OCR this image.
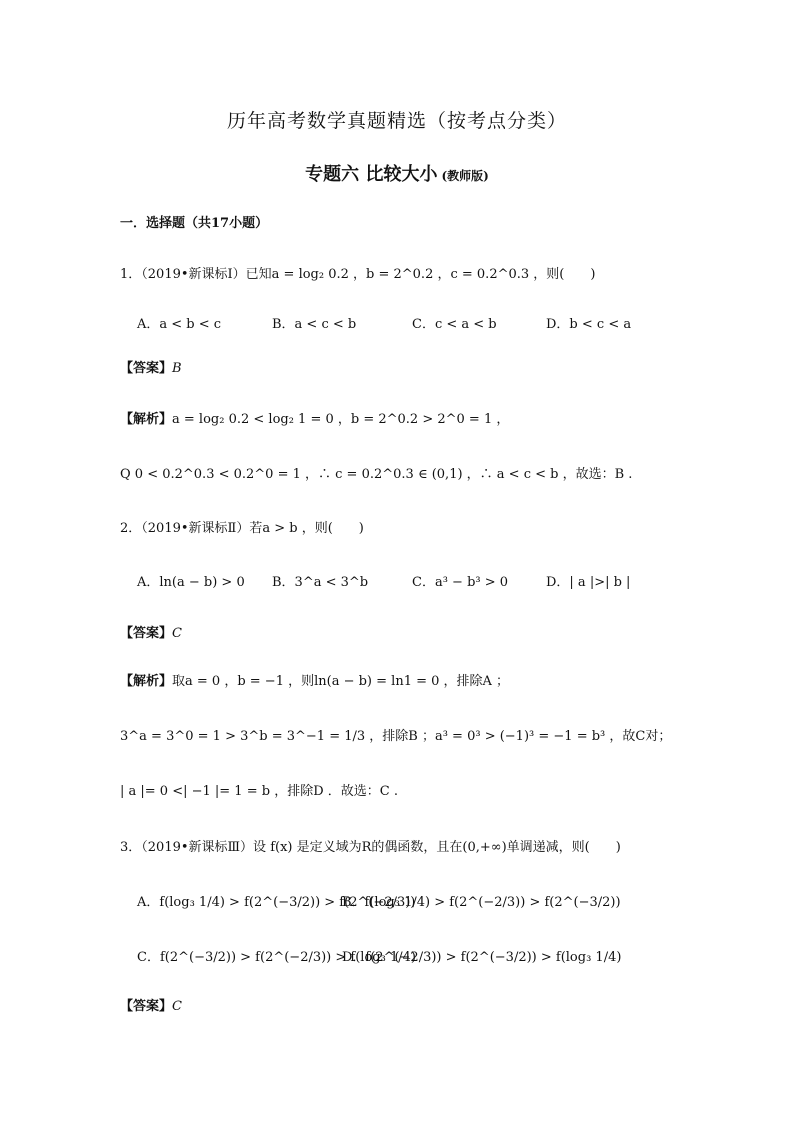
历年高考数学真题精选（按考点分类）
专题六 比较大小 (教师版)
一．选择题（共17小题）
1．（2019•新课标Ⅰ）已知a = log₂ 0.2 ，b = 2^0.2 ，c = 0.2^0.3 ，则(　　)
A．a < b < c	B．a < c < b	C．c < a < b	D．b < c < a
【答案】B
【解析】a = log₂ 0.2 < log₂ 1 = 0 ，b = 2^0.2 > 2^0 = 1 ，
Q 0 < 0.2^0.3 < 0.2^0 = 1 ，∴ c = 0.2^0.3 ∈ (0,1) ，∴ a < c < b ，故选：B .
2．（2019•新课标Ⅱ）若a > b ，则(　　)
A．ln(a − b) > 0 B．3^a < 3^b	C．a³ − b³ > 0	D．| a |>| b |
【答案】C
【解析】取a = 0 ，b = −1 ，则ln(a − b) = ln1 = 0 ，排除A ；
3^a = 3^0 = 1 > 3^b = 3^−1 = 1/3 ，排除B ；a³ = 0³ > (−1)³ = −1 = b³ ，故C对；
| a |= 0 <| −1 |= 1 = b ，排除D ．故选：C .
3．（2019•新课标Ⅲ）设 f(x) 是定义域为R的偶函数，且在(0,+∞)单调递减，则(　　)
A．f(log₃ 1/4) > f(2^(−3/2)) > f(2^(−2/3))B．f(log₃ 1/4) > f(2^(−2/3)) > f(2^(−3/2))
C．f(2^(−3/2)) > f(2^(−2/3)) > f(log₃ 1/4)D．f(2^(−2/3)) > f(2^(−3/2)) > f(log₃ 1/4)
【答案】C
